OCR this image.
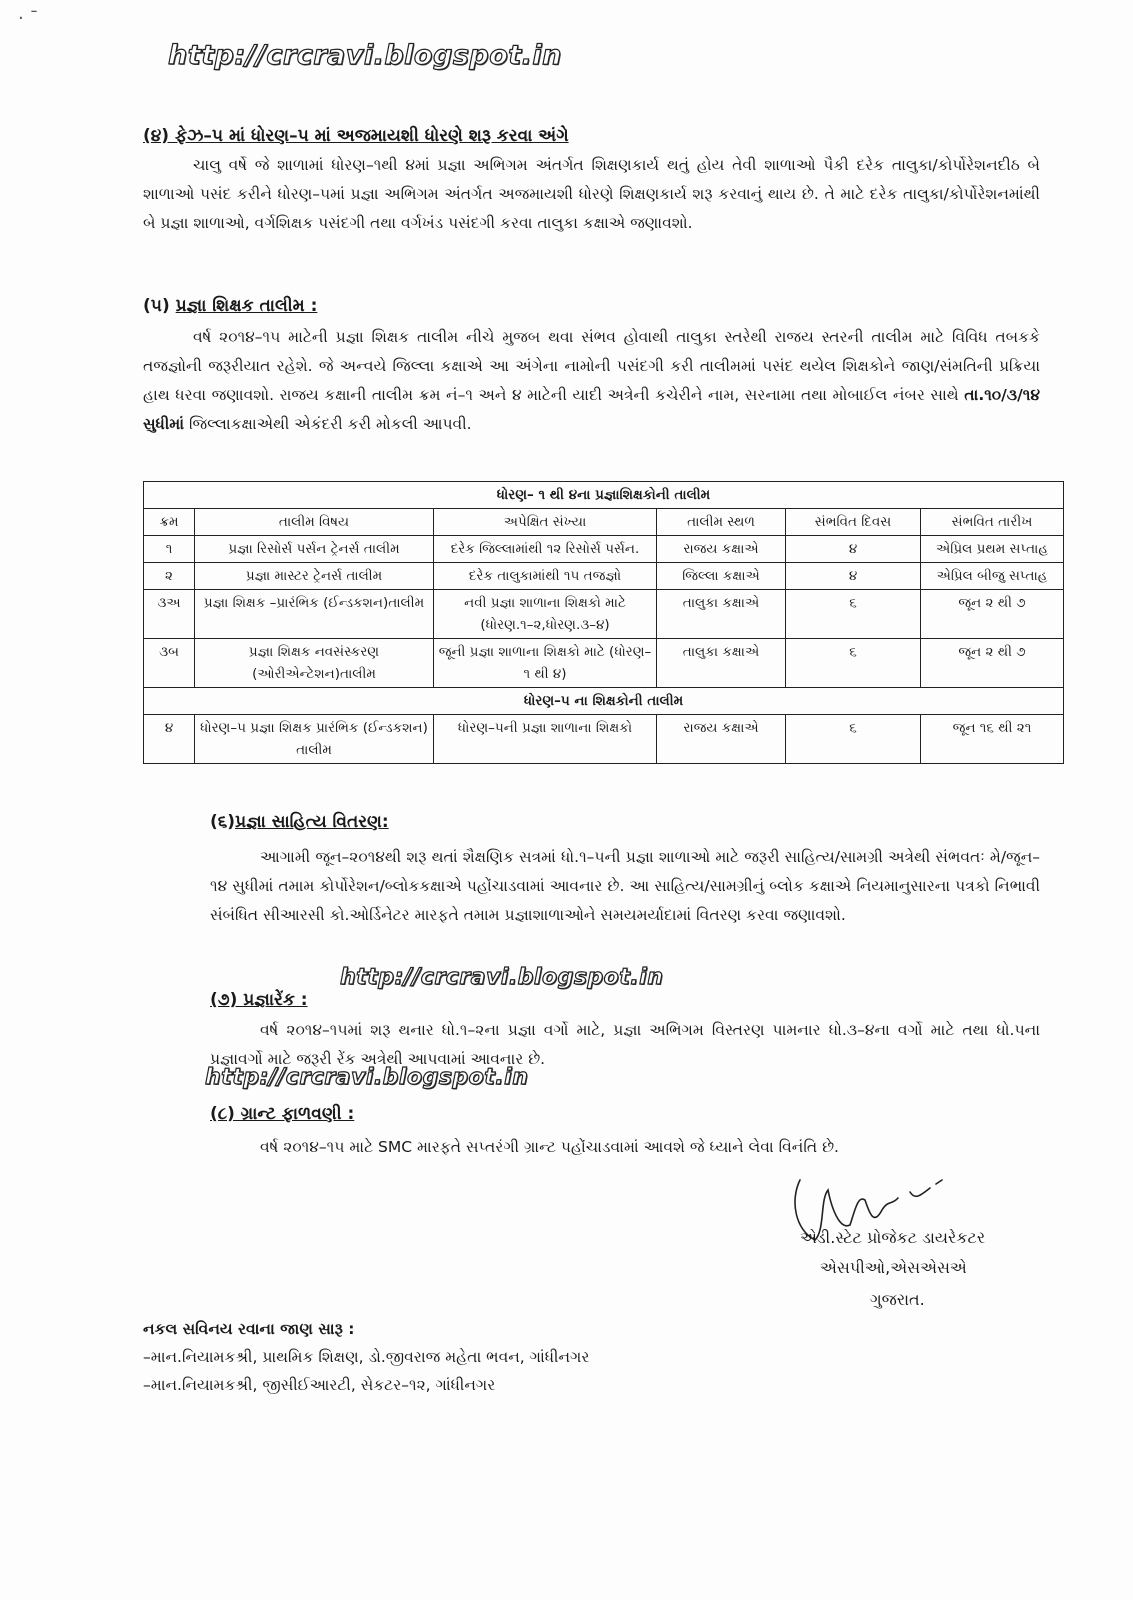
· ˉ
http://crcravi.blogspot.in
(૪) ફેઝ–૫ માં ધોરણ–૫ માં અજમાયશી ધોરણે શરૂ કરવા અંગે
ચાલુ વર્ષે જે શાળામાં ધોરણ–૧થી ૪માં પ્રજ્ઞા અભિગમ અંતર્ગત શિક્ષણકાર્ય થતું હોય તેવી શાળાઓ પૈકી દરેક તાલુકા/કોર્પોરેશનદીઠ બે શાળાઓ પસંદ કરીને ધોરણ–૫માં પ્રજ્ઞા અભિગમ અંતર્ગત અજમાયશી ધોરણે શિક્ષણકાર્ય શરૂ કરવાનું થાય છે. તે માટે દરેક તાલુકા/કોર્પોરેશનમાંથી બે પ્રજ્ઞા શાળાઓ, વર્ગશિક્ષક પસંદગી તથા વર્ગખંડ પસંદગી કરવા તાલુકા કક્ષાએ જણાવશો.
(૫) પ્રજ્ઞા શિક્ષક તાલીમ :
વર્ષ ૨૦૧૪–૧૫ માટેની પ્રજ્ઞા શિક્ષક તાલીમ નીચે મુજબ થવા સંભવ હોવાથી તાલુકા સ્તરેથી રાજય સ્તરની તાલીમ માટે વિવિધ તબકકે તજજ્ઞોની જરૂરીયાત રહેશે. જે અન્વયે જિલ્લા કક્ષાએ આ અંગેના નામોની પસંદગી કરી તાલીમમાં પસંદ થયેલ શિક્ષકોને જાણ/સંમતિની પ્રક્રિયા હાથ ધરવા જણાવશો. રાજય કક્ષાની તાલીમ ક્રમ નં–૧ અને ૪ માટેની યાદી અત્રેની કચેરીને નામ, સરનામા તથા મોબાઈલ નંબર સાથે તા.૧૦/૩/૧૪ સુધીમાં જિલ્લાકક્ષાએથી એકંદરી કરી મોકલી આપવી.
ધોરણ– ૧ થી ૪ના પ્રજ્ઞાશિક્ષકોની તાલીમ					
ક્રમ	તાલીમ વિષય	અપેક્ષિત સંખ્યા	તાલીમ સ્થળ	સંભવિત દિવસ	સંભવિત તારીખ
૧	પ્રજ્ઞા રિસોર્સ પર્સન ટ્રેનર્સ તાલીમ	દરેક જિલ્લામાંથી ૧૨ રિસોર્સ પર્સન.	રાજય કક્ષાએ	૪	એપ્રિલ પ્રથમ સપ્તાહ
૨	પ્રજ્ઞા માસ્ટર ટ્રેનર્સ તાલીમ	દરેક તાલુકામાંથી ૧૫ તજજ્ઞો	જિલ્લા કક્ષાએ	૪	એપ્રિલ બીજુ સપ્તાહ
૩અ	પ્રજ્ઞા શિક્ષક –પ્રારંભિક (ઈન્ડકશન)તાલીમ	નવી પ્રજ્ઞા શાળાના શિક્ષકો માટે (ધોરણ.૧–૨,ધોરણ.૩–૪)	તાલુકા કક્ષાએ	૬	જૂન ૨ થી ૭
૩બ	પ્રજ્ઞા શિક્ષક નવસંસ્કરણ (ઓરીએન્ટેશન)તાલીમ	જૂની પ્રજ્ઞા શાળાના શિક્ષકો માટે (ધોરણ–૧ થી ૪)	તાલુકા કક્ષાએ	૬	જૂન ૨ થી ૭
ધોરણ–૫ ના શિક્ષકોની તાલીમ					
૪	ધોરણ–૫ પ્રજ્ઞા શિક્ષક પ્રારંભિક (ઈન્ડકશન) તાલીમ	ધોરણ–૫ની પ્રજ્ઞા શાળાના શિક્ષકો	રાજય કક્ષાએ	૬	જૂન ૧૬ થી ૨૧
(૬)પ્રજ્ઞા સાહિત્ય વિતરણ:
આગામી જૂન–૨૦૧૪થી શરૂ થતાં શૈક્ષણિક સત્રમાં ધો.૧–૫ની પ્રજ્ઞા શાળાઓ માટે જરૂરી સાહિત્ય/સામગ્રી અત્રેથી સંભવતઃ મે/જૂન–૧૪ સુધીમાં તમામ કોર્પોરેશન/બ્લોકકક્ષાએ પહોંચાડવામાં આવનાર છે. આ સાહિત્ય/સામગ્રીનું બ્લોક કક્ષાએ નિયમાનુસારના પત્રકો નિભાવી સંબંધિત સીઆરસી કો.ઓર્ડિનેટર મારફતે તમામ પ્રજ્ઞાશાળાઓને સમયમર્યાદામાં વિતરણ કરવા જણાવશો.
http://crcravi.blogspot.in
(૭) પ્રજ્ઞારેંક :
વર્ષ ૨૦૧૪–૧૫માં શરૂ થનાર ધો.૧–૨ના પ્રજ્ઞા વર્ગો માટે, પ્રજ્ઞા અભિગમ વિસ્તરણ પામનાર ધો.૩–૪ના વર્ગો માટે તથા ધો.૫ના પ્રજ્ઞાવર્ગો માટે જરૂરી રેંક અત્રેથી આપવામાં આવનાર છે.
http://crcravi.blogspot.in
(૮) ગ્રાન્ટ ફાળવણી :
વર્ષ ૨૦૧૪–૧૫ માટે SMC મારફતે સપ્તરંગી ગ્રાન્ટ પહોંચાડવામાં આવશે જે ધ્યાને લેવા વિનંતિ છે.
એડી.સ્ટેટ પ્રોજેકટ ડાયરેકટર
એસપીઓ,એસએસએ
ગુજરાત.
નકલ સવિનય રવાના જાણ સારૂ :
–માન.નિયામકશ્રી, પ્રાથમિક શિક્ષણ, ડો.જીવરાજ મહેતા ભવન, ગાંધીનગર
–માન.નિયામકશ્રી, જીસીઈઆરટી, સેકટર–૧૨, ગાંધીનગર
